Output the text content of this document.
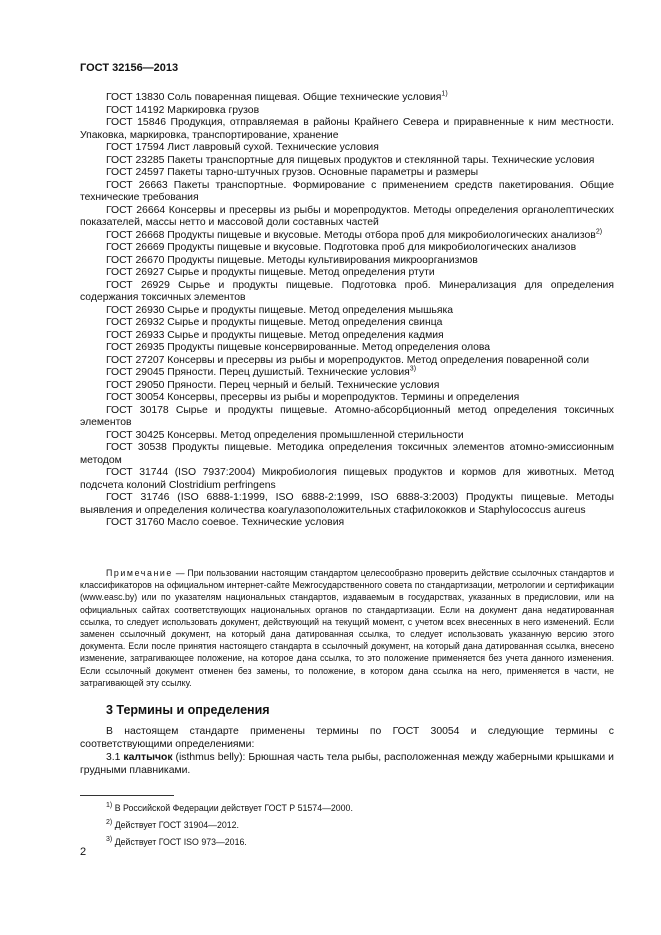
ГОСТ 32156—2013
ГОСТ 13830 Соль поваренная пищевая. Общие технические условия$^{1)}$
ГОСТ 14192 Маркировка грузов
ГОСТ 15846 Продукция, отправляемая в районы Крайнего Севера и приравненные к ним местности. Упаковка, маркировка, транспортирование, хранение
ГОСТ 17594 Лист лавровый сухой. Технические условия
ГОСТ 23285 Пакеты транспортные для пищевых продуктов и стеклянной тары. Технические условия
ГОСТ 24597 Пакеты тарно-штучных грузов. Основные параметры и размеры
ГОСТ 26663 Пакеты транспортные. Формирование с применением средств пакетирования. Общие технические требования
ГОСТ 26664 Консервы и пресервы из рыбы и морепродуктов. Методы определения органолептических показателей, массы нетто и массовой доли составных частей
ГОСТ 26668 Продукты пищевые и вкусовые. Методы отбора проб для микробиологических анализов$^{2)}$
ГОСТ 26669 Продукты пищевые и вкусовые. Подготовка проб для микробиологических анализов
ГОСТ 26670 Продукты пищевые. Методы культивирования микроорганизмов
ГОСТ 26927 Сырье и продукты пищевые. Метод определения ртути
ГОСТ 26929 Сырье и продукты пищевые. Подготовка проб. Минерализация для определения содержания токсичных элементов
ГОСТ 26930 Сырье и продукты пищевые. Метод определения мышьяка
ГОСТ 26932 Сырье и продукты пищевые. Метод определения свинца
ГОСТ 26933 Сырье и продукты пищевые. Метод определения кадмия
ГОСТ 26935 Продукты пищевые консервированные. Метод определения олова
ГОСТ 27207 Консервы и пресервы из рыбы и морепродуктов. Метод определения поваренной соли
ГОСТ 29045 Пряности. Перец душистый. Технические условия$^{3)}$
ГОСТ 29050 Пряности. Перец черный и белый. Технические условия
ГОСТ 30054 Консервы, пресервы из рыбы и морепродуктов. Термины и определения
ГОСТ 30178 Сырье и продукты пищевые. Атомно-абсорбционный метод определения токсичных элементов
ГОСТ 30425 Консервы. Метод определения промышленной стерильности
ГОСТ 30538 Продукты пищевые. Методика определения токсичных элементов атомно-эмиссионным методом
ГОСТ 31744 (ISO 7937:2004) Микробиология пищевых продуктов и кормов для животных. Метод подсчета колоний Clostridium perfringens
ГОСТ 31746 (ISO 6888-1:1999, ISO 6888-2:1999, ISO 6888-3:2003) Продукты пищевые. Методы выявления и определения количества коагулазоположительных стафилококков и Staphylococcus aureus
ГОСТ 31760 Масло соевое. Технические условия
Примечание — При пользовании настоящим стандартом целесообразно проверить действие ссылочных стандартов и классификаторов на официальном интернет-сайте Межгосударственного совета по стандартизации, метрологии и сертификации (www.easc.by) или по указателям национальных стандартов, издаваемым в государствах, указанных в предисловии, или на официальных сайтах соответствующих национальных органов по стандартизации. Если на документ дана недатированная ссылка, то следует использовать документ, действующий на текущий момент, с учетом всех внесенных в него изменений. Если заменен ссылочный документ, на который дана датированная ссылка, то следует использовать указанную версию этого документа. Если после принятия настоящего стандарта в ссылочный документ, на который дана датированная ссылка, внесено изменение, затрагивающее положение, на которое дана ссылка, то это положение применяется без учета данного изменения. Если ссылочный документ отменен без замены, то положение, в котором дана ссылка на него, применяется в части, не затрагивающей эту ссылку.
3 Термины и определения
В настоящем стандарте применены термины по ГОСТ 30054 и следующие термины с соответствующими определениями:
3.1 калтычок (isthmus belly): Брюшная часть тела рыбы, расположенная между жаберными крышками и грудными плавниками.
$^{1)}$ В Российской Федерации действует ГОСТ Р 51574—2000.
$^{2)}$ Действует ГОСТ 31904—2012.
$^{3)}$ Действует ГОСТ ISO 973—2016.
2
